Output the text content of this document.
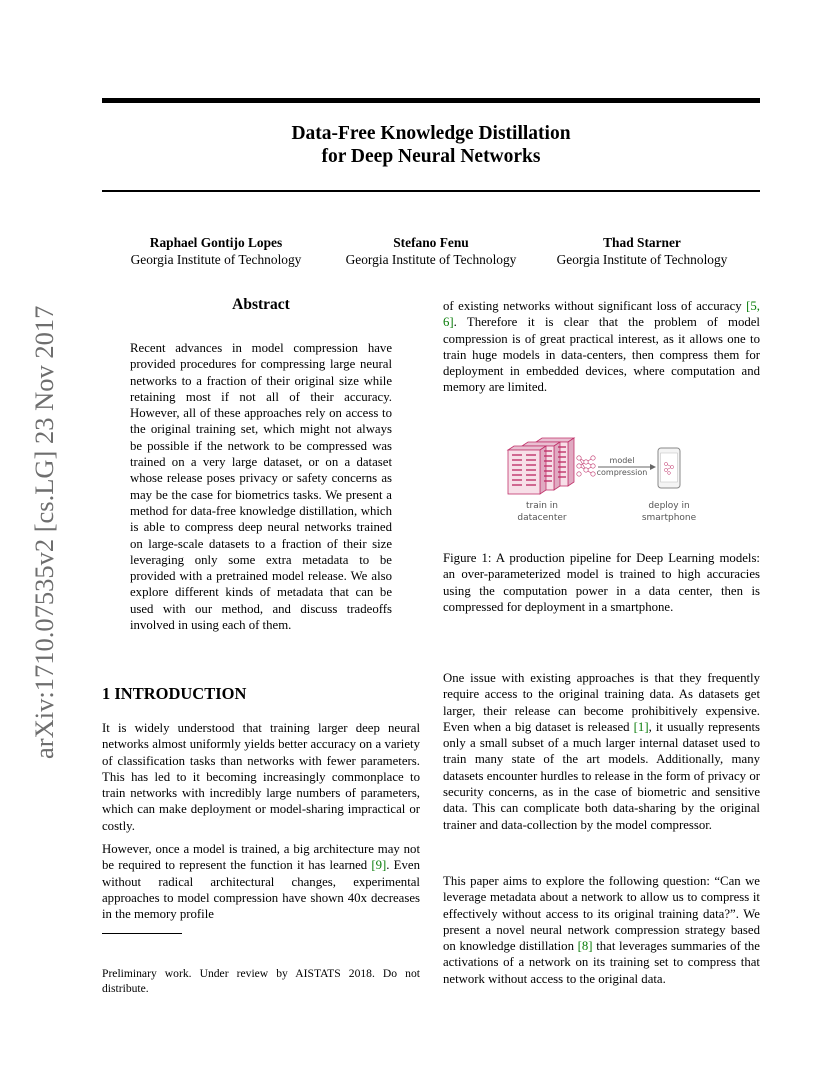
Data-Free Knowledge Distillation
for Deep Neural Networks
Raphael Gontijo Lopes
Georgia Institute of Technology
Stefano Fenu
Georgia Institute of Technology
Thad Starner
Georgia Institute of Technology
arXiv:1710.07535v2 [cs.LG] 23 Nov 2017
Abstract
Recent advances in model compression have provided procedures for compressing large neural networks to a fraction of their original size while retaining most if not all of their accuracy. However, all of these approaches rely on access to the original training set, which might not always be possible if the network to be compressed was trained on a very large dataset, or on a dataset whose release poses privacy or safety concerns as may be the case for biometrics tasks. We present a method for data-free knowledge distillation, which is able to compress deep neural networks trained on large-scale datasets to a fraction of their size leveraging only some extra metadata to be provided with a pretrained model release. We also explore different kinds of metadata that can be used with our method, and discuss tradeoffs involved in using each of them.
1 INTRODUCTION
It is widely understood that training larger deep neural networks almost uniformly yields better accuracy on a variety of classification tasks than networks with fewer parameters. This has led to it becoming increasingly commonplace to train networks with incredibly large numbers of parameters, which can make deployment or model-sharing impractical or costly.
However, once a model is trained, a big architecture may not be required to represent the function it has learned [9]. Even without radical architectural changes, experimental approaches to model compression have shown 40x decreases in the memory profile
Preliminary work. Under review by AISTATS 2018. Do not distribute.
of existing networks without significant loss of accuracy [5, 6]. Therefore it is clear that the problem of model compression is of great practical interest, as it allows one to train huge models in data-centers, then compress them for deployment in embedded devices, where computation and memory are limited.
model
compression
train in
datacenter
deploy in
smartphone
Figure 1: A production pipeline for Deep Learning models: an over-parameterized model is trained to high accuracies using the computation power in a data center, then is compressed for deployment in a smartphone.
One issue with existing approaches is that they frequently require access to the original training data. As datasets get larger, their release can become prohibitively expensive. Even when a big dataset is released [1], it usually represents only a small subset of a much larger internal dataset used to train many state of the art models. Additionally, many datasets encounter hurdles to release in the form of privacy or security concerns, as in the case of biometric and sensitive data. This can complicate both data-sharing by the original trainer and data-collection by the model compressor.
This paper aims to explore the following question: “Can we leverage metadata about a network to allow us to compress it effectively without access to its original training data?”. We present a novel neural network compression strategy based on knowledge distillation [8] that leverages summaries of the activations of a network on its training set to compress that network without access to the original data.
